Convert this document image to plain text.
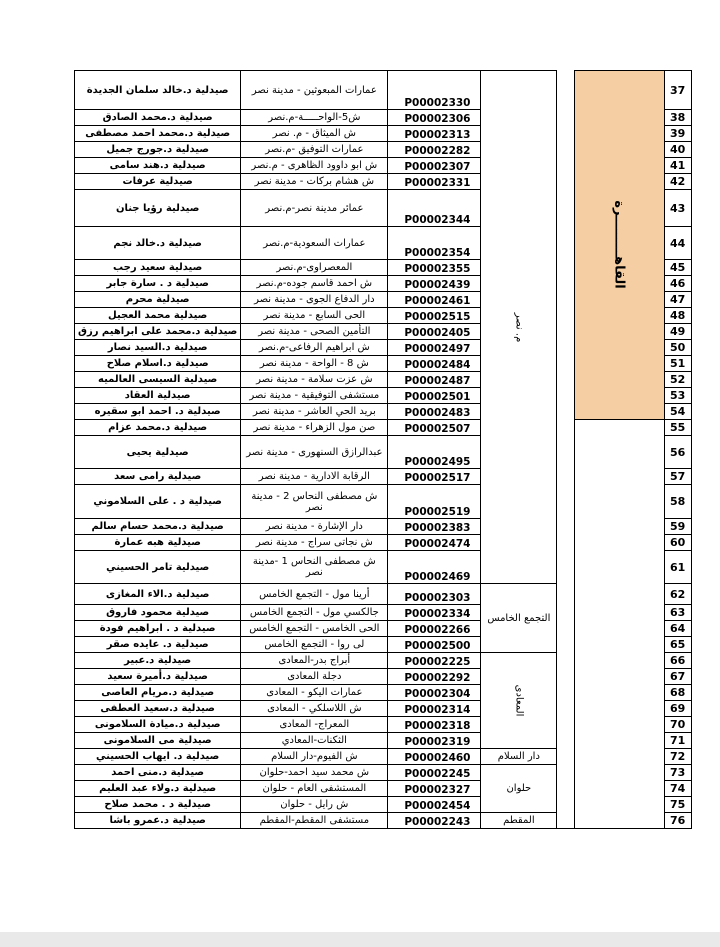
صيدلية د.خالد سلمان الجديدة	عمارات المبعوثين - مدينة نصر	P00002330	م. نصر		القاهـــــــــرة	37
صيدلية د.محمد الصادق	ش5-الواحـــــة-م.نصر	P00002306				38
صيدلية د.محمد احمد مصطفى	ش الميثاق - م. نصر	P00002313				39
صيدلية د.جورج جميل	عمارات التوفيق -م.نصر	P00002282				40
صيدلية د.هند سامى	ش ابو داوود الظاهرى - م.نصر	P00002307				41
صيدلية عرفات	ش هشام بركات - مدينة نصر	P00002331				42
صيدلية رؤيا جنان	عمائر مدينة نصر-م.نصر	P00002344				43
صيدلية د.خالد نجم	عمارات السعودية-م.نصر	P00002354				44
صيدلية سعيد رجب	المعصراوى-م.نصر	P00002355				45
صيدلية د . سارة جابر	ش احمد قاسم جوده-م.نصر	P00002439				46
صيدلية محرم	دار الدفاع الجوى - مدينة نصر	P00002461				47
صيدلية محمد العجيل	الحى السابع - مدينة نصر	P00002515				48
صيدلية د.محمد على ابراهيم رزق	التأمين الصحى - مدينة نصر	P00002405				49
صيدلية د.السيد نصار	ش ابراهيم الرفاعى-م.نصر	P00002497				50
صيدلية د.اسلام صلاح	ش 8 - الواحة - مدينة نصر	P00002484				51
صيدلية السيسى العالميه	ش عزت سلامة - مدينة نصر	P00002487				52
صيدلية العقاد	مستشفى التوفيقية - مدينة نصر	P00002501				53
صيدلية د. احمد ابو سقيره	بريد الحي العاشر - مدينة نصر	P00002483				54
صيدلية د.محمد عزام	صن مول الزهراء - مدينة نصر	P00002507				55
صيدلية يحيى	عبدالرازق السنهورى - مدينة نصر	P00002495				56
صيدلية رامى سعد	الرقابة الادارية - مدينة نصر	P00002517				57
صيدلية د . على السلاموني	ش مصطفى النحاس 2 - مدينة نصر	P00002519				58
صيدلية د.محمد حسام سالم	دار الإشارة - مدينة نصر	P00002383				59
صيدلية هبه عمارة	ش نجاتى سراج - مدينة نصر	P00002474				60
صيدلية تامر الحسيني	ش مصطفى النحاس 1 -مدينة نصر	P00002469				61
صيدلية د.الاء المغازى	أرينا مول - التجمع الخامس	P00002303	التجمع الخامس			62
صيدلية محمود فاروق	جالكسي مول - التجمع الخامس	P00002334				63
صيدلية د . ابراهيم فودة	الحى الخامس - التجمع الخامس	P00002266				64
صيدلية د. عايده صقر	لى روا - التجمع الخامس	P00002500				65
صيدلية د.عبير	أبراج بدر-المعادى	P00002225	المعادى			66
صيدلية د.أميرة سعيد	دجلة المعادى	P00002292				67
صيدلية د.مريام العاصى	عمارات اليكو - المعادى	P00002304				68
صيدلية د.سعيد العطفى	ش اللاسلكي - المعادى	P00002314				69
صيدلية د.ميادة السلامونى	المعراج- المعادى	P00002318				70
صيدلية مى السلامونى	الثكنات-المعادي	P00002319				71
صيدلية د. ايهاب الحسيني	ش الفيوم-دار السلام	P00002460	دار السلام			72
صيدلية د.منى احمد	ش محمد سيد احمد-حلوان	P00002245	حلوان			73
صيدلية د.ولاء عبد العليم	المستشفى العام - حلوان	P00002327				74
صيدلية د . محمد صلاح	ش رايل - حلوان	P00002454				75
صيدلية د.عمرو باشا	مستشفى المقطم-المقطم	P00002243	المقطم			76
